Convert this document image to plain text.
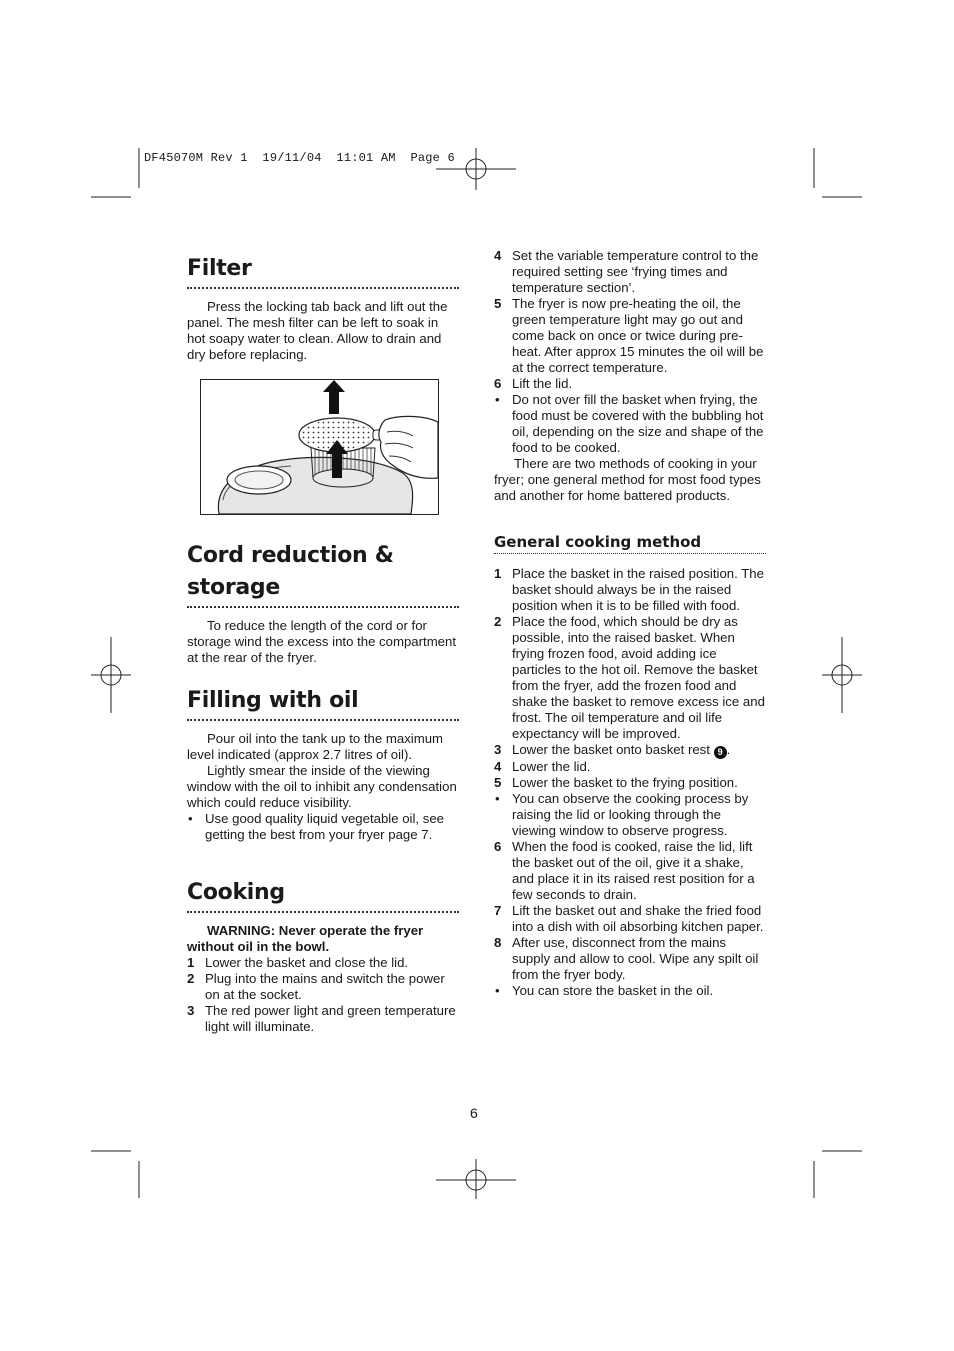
DF45070M Rev 1  19/11/04  11:01 AM  Page 6
Filter

Press the locking tab back and lift out the panel. The mesh filter can be left to soak in hot soapy water to clean. Allow to drain and dry before replacing.

Cord reduction &
storage

To reduce the length of the cord or for storage wind the excess into the compartment at the rear of the fryer.

Filling with oil

Pour oil into the tank up to the maximum level indicated (approx 2.7 litres of oil).

Lightly smear the inside of the viewing window with the oil to inhibit any condensation which could reduce visibility.

• Use good quality liquid vegetable oil, see getting the best from your fryer page 7.
Cooking

WARNING: Never operate the fryer without oil in the bowl.

1 Lower the basket and close the lid.
2 Plug into the mains and switch the power on at the socket.
3 The red power light and green temperature light will illuminate.
4 Set the variable temperature control to the required setting see ‘frying times and temperature section’.
5 The fryer is now pre-heating the oil, the green temperature light may go out and come back on once or twice during pre-heat. After approx 15 minutes the oil will be at the correct temperature.
6 Lift the lid.
• Do not over fill the basket when frying, the food must be covered with the bubbling hot oil, depending on the size and shape of the food to be cooked.

There are two methods of cooking in your fryer; one general method for most food types and another for home battered products.

General cooking method
1 Place the basket in the raised position. The basket should always be in the raised position when it is to be filled with food.
2 Place the food, which should be dry as possible, into the raised basket. When frying frozen food, avoid adding ice particles to the hot oil. Remove the basket from the fryer, add the frozen food and shake the basket to remove excess ice and frost. The oil temperature and oil life expectancy will be improved.
3 Lower the basket onto basket rest 9 .
4 Lower the lid.
5 Lower the basket to the frying position.
• You can observe the cooking process by raising the lid or looking through the viewing window to observe progress.
6 When the food is cooked, raise the lid, lift the basket out of the oil, give it a shake, and place it in its raised rest position for a few seconds to drain.
7 Lift the basket out and shake the fried food into a dish with oil absorbing kitchen paper.
8 After use, disconnect from the mains supply and allow to cool. Wipe any spilt oil from the fryer body.
• You can store the basket in the oil.
6
